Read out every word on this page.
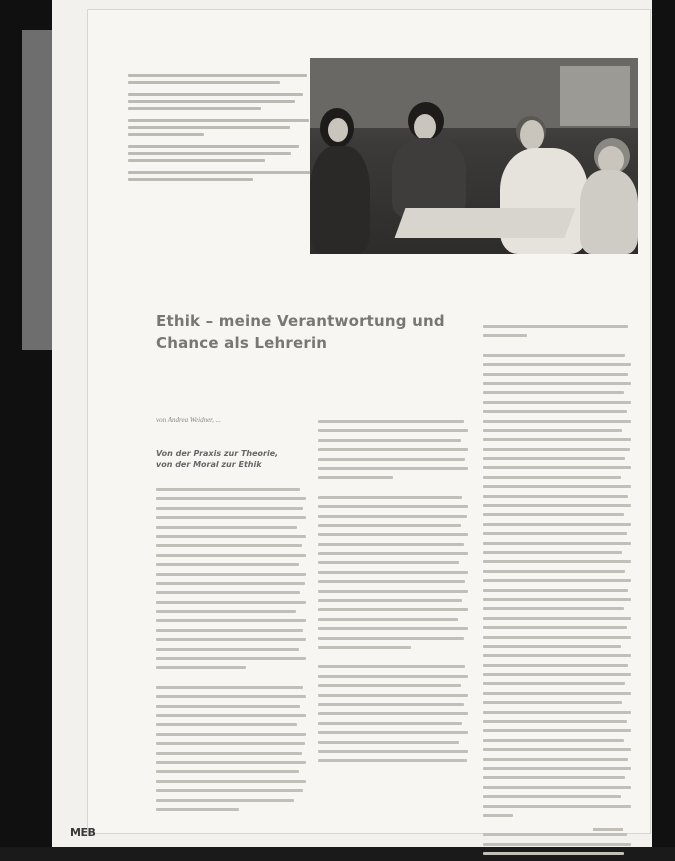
Ethik – meine Verantwortung und
Chance als Lehrerin
von Andrea Weidner, ...
Von der Praxis zur Theorie,
von der Moral zur Ethik
MEB
